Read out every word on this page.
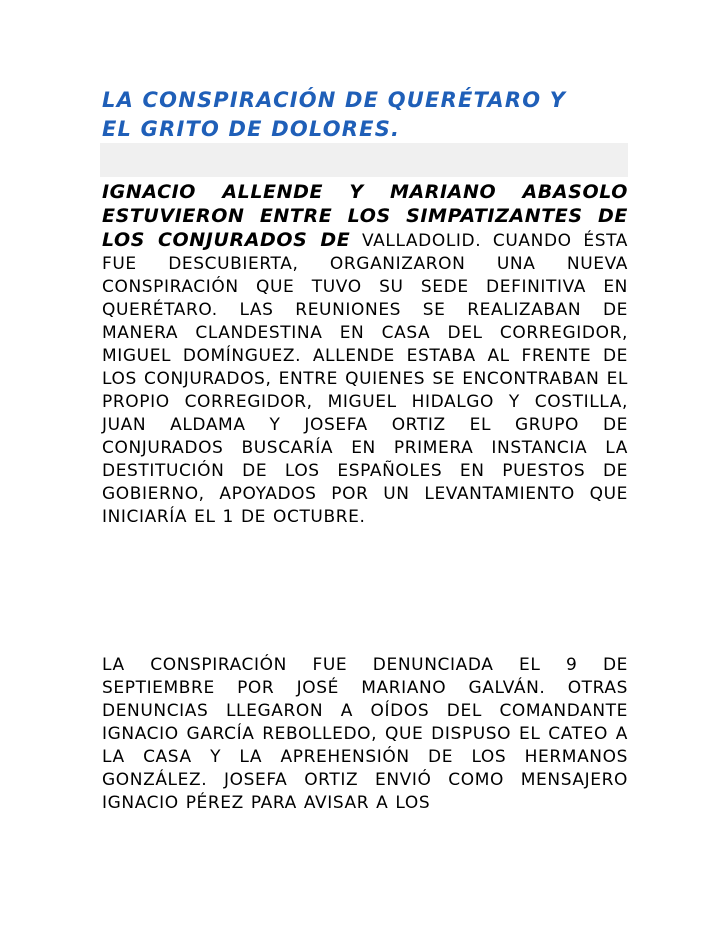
LA CONSPIRACIÓN DE QUERÉTARO Y
EL GRITO DE DOLORES.

IGNACIO ALLENDE Y MARIANO ABASOLO ESTUVIERON ENTRE LOS SIMPATIZANTES DE LOS CONJURADOS DE VALLADOLID. CUANDO ÉSTA FUE DESCUBIERTA, ORGANIZARON UNA NUEVA CONSPIRACIÓN QUE TUVO SU SEDE DEFINITIVA EN QUERÉTARO. LAS REUNIONES SE REALIZABAN DE MANERA CLANDESTINA EN CASA DEL CORREGIDOR, MIGUEL DOMÍNGUEZ. ALLENDE ESTABA AL FRENTE DE LOS CONJURADOS, ENTRE QUIENES SE ENCONTRABAN EL PROPIO CORREGIDOR, MIGUEL HIDALGO Y COSTILLA, JUAN ALDAMA Y JOSEFA ORTIZ EL GRUPO DE CONJURADOS BUSCARÍA EN PRIMERA INSTANCIA LA DESTITUCIÓN DE LOS ESPAÑOLES EN PUESTOS DE GOBIERNO, APOYADOS POR UN LEVANTAMIENTO QUE INICIARÍA EL 1 DE OCTUBRE.

LA CONSPIRACIÓN FUE DENUNCIADA EL 9 DE SEPTIEMBRE POR JOSÉ MARIANO GALVÁN. OTRAS DENUNCIAS LLEGARON A OÍDOS DEL COMANDANTE IGNACIO GARCÍA REBOLLEDO, QUE DISPUSO EL CATEO A LA CASA Y LA APREHENSIÓN DE LOS HERMANOS GONZÁLEZ. JOSEFA ORTIZ ENVIÓ COMO MENSAJERO IGNACIO PÉREZ PARA AVISAR A LOS
